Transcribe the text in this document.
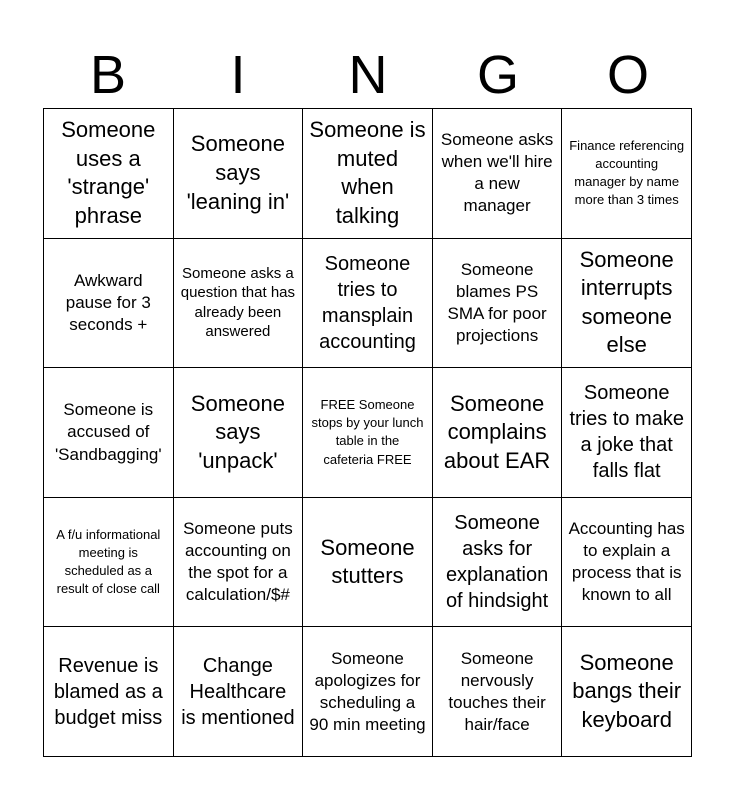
B	I	N	G	O
Someone uses a 'strange' phrase
Someone says 'leaning in'
Someone is muted when talking
Someone asks when we'll hire a new manager
Finance referencing accounting manager by name more than 3 times
Awkward pause for 3 seconds +
Someone asks a question that has already been answered
Someone tries to mansplain accounting
Someone blames PS SMA for poor projections
Someone interrupts someone else
Someone is accused of 'Sandbagging'
Someone says 'unpack'
FREE Someone stops by your lunch table in the cafeteria FREE
Someone complains about EAR
Someone tries to make a joke that falls flat
A f/u informational meeting is scheduled as a result of close call
Someone puts accounting on the spot for a calculation/$#
Someone stutters
Someone asks for explanation of hindsight
Accounting has to explain a process that is known to all
Revenue is blamed as a budget miss
Change Healthcare is mentioned
Someone apologizes for scheduling a 90 min meeting
Someone nervously touches their hair/face
Someone bangs their keyboard
